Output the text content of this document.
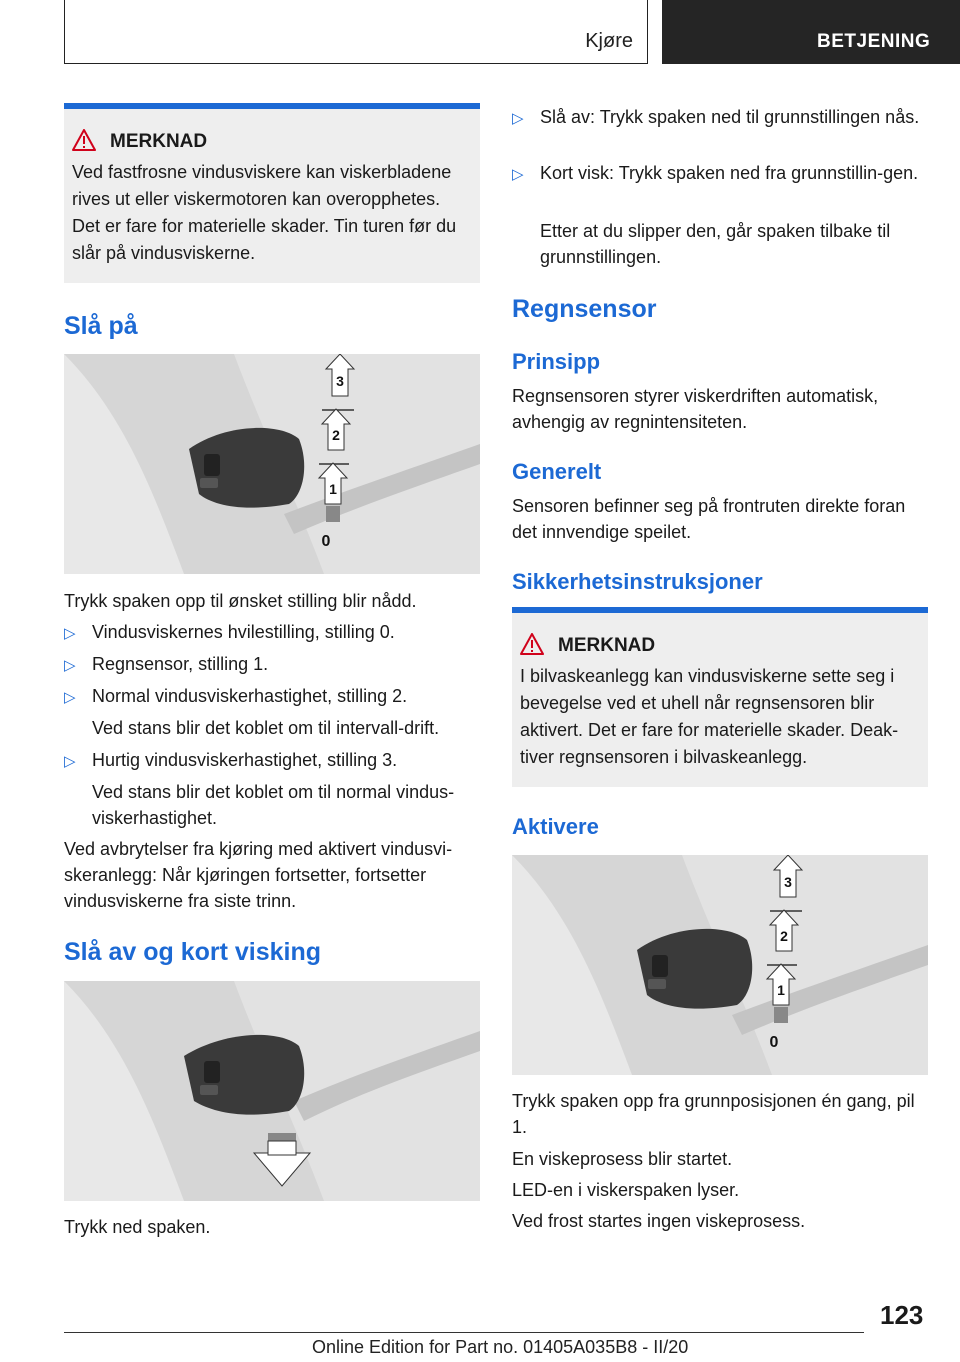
Kjøre	BETJENING
MERKNAD
Ved fastfrosne vindusviskere kan viskerbladene rives ut eller viskermotoren kan overopphetes. Det er fare for materielle skader. Tin turen før du slår på vindusviskerne.
Slå på
3
2
1
0

Trykk spaken opp til ønsket stilling blir nådd.

▷ Vindusviskernes hvilestilling, stilling 0.
▷ Regnsensor, stilling 1.
▷ Normal vindusviskerhastighet, stilling 2.

Ved stans blir det koblet om til intervall-drift.

▷ Hurtig vindusviskerhastighet, stilling 3.

Ved stans blir det koblet om til normal vindus-viskerhastighet.

Ved avbrytelser fra kjøring med aktivert vindusvi-skeranlegg: Når kjøringen fortsetter, fortsetter vindusviskerne fra siste trinn.

Slå av og kort visking

Trykk ned spaken.

▷ Slå av: Trykk spaken ned til grunnstillingen nås.
▷ Kort visk: Trykk spaken ned fra grunnstillin-gen.

Etter at du slipper den, går spaken tilbake til grunnstillingen.

Regnsensor
Prinsipp

Regnsensoren styrer viskerdriften automatisk, avhengig av regnintensiteten.

Generelt

Sensoren befinner seg på frontruten direkte foran det innvendige speilet.

Sikkerhetsinstruksjoner
MERKNAD
I bilvaskeanlegg kan vindusviskerne sette seg i bevegelse ved et uhell når regnsensoren blir aktivert. Det er fare for materielle skader. Deak-tiver regnsensoren i bilvaskeanlegg.
Aktivere
3
2
1
0

Trykk spaken opp fra grunnposisjonen én gang, pil 1.

En viskeprosess blir startet.

LED-en i viskerspaken lyser.

Ved frost startes ingen viskeprosess.

123
Online Edition for Part no. 01405A035B8 - II/20
